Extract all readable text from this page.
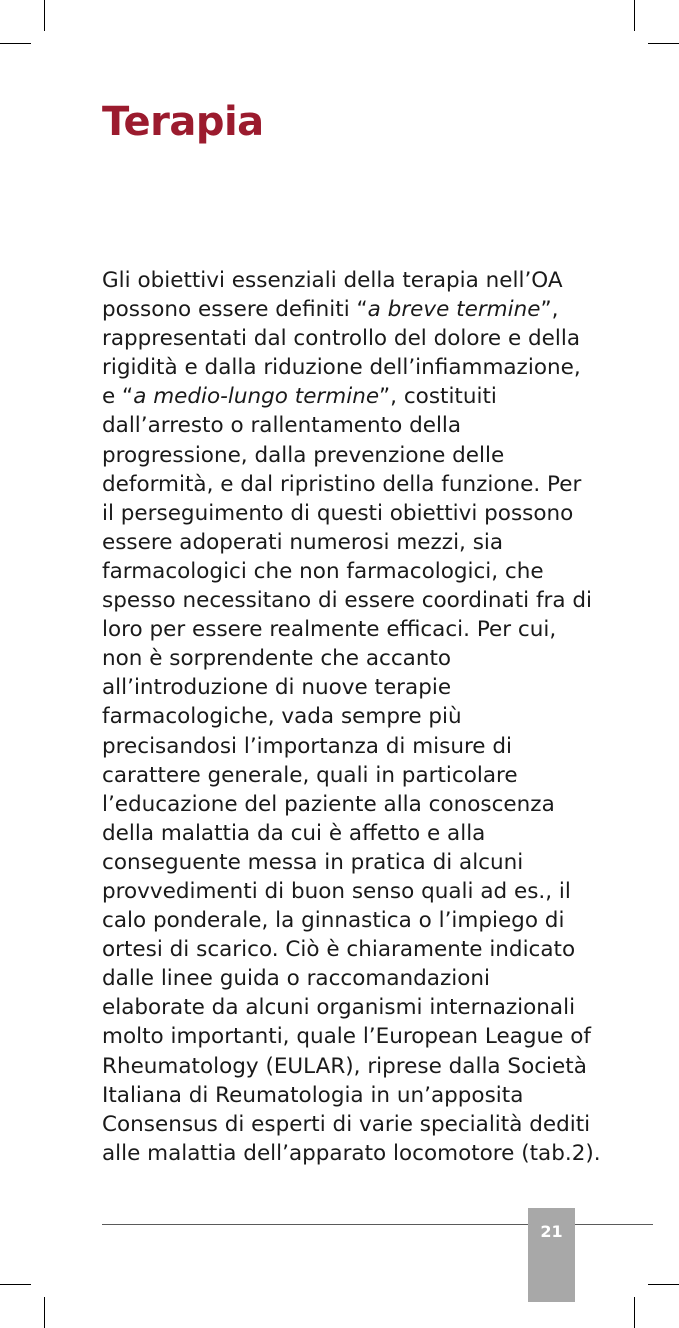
Terapia

Gli obiettivi essenziali della terapia nell’OA
possono essere definiti “a breve termine”,
rappresentati dal controllo del dolore e della
rigidità e dalla riduzione dell’infiammazione,
e “a medio-lungo termine”, costituiti
dall’arresto o rallentamento della
progressione, dalla prevenzione delle
deformità, e dal ripristino della funzione. Per
il perseguimento di questi obiettivi possono
essere adoperati numerosi mezzi, sia
farmacologici che non farmacologici, che
spesso necessitano di essere coordinati fra di
loro per essere realmente efficaci. Per cui,
non è sorprendente che accanto
all’introduzione di nuove terapie
farmacologiche, vada sempre più
precisandosi l’importanza di misure di
carattere generale, quali in particolare
l’educazione del paziente alla conoscenza
della malattia da cui è affetto e alla
conseguente messa in pratica di alcuni
provvedimenti di buon senso quali ad es., il
calo ponderale, la ginnastica o l’impiego di
ortesi di scarico. Ciò è chiaramente indicato
dalle linee guida o raccomandazioni
elaborate da alcuni organismi internazionali
molto importanti, quale l’European League of
Rheumatology (EULAR), riprese dalla Società
Italiana di Reumatologia in un’apposita
Consensus di esperti di varie specialità dediti
alle malattia dell’apparato locomotore (tab.2).

21
